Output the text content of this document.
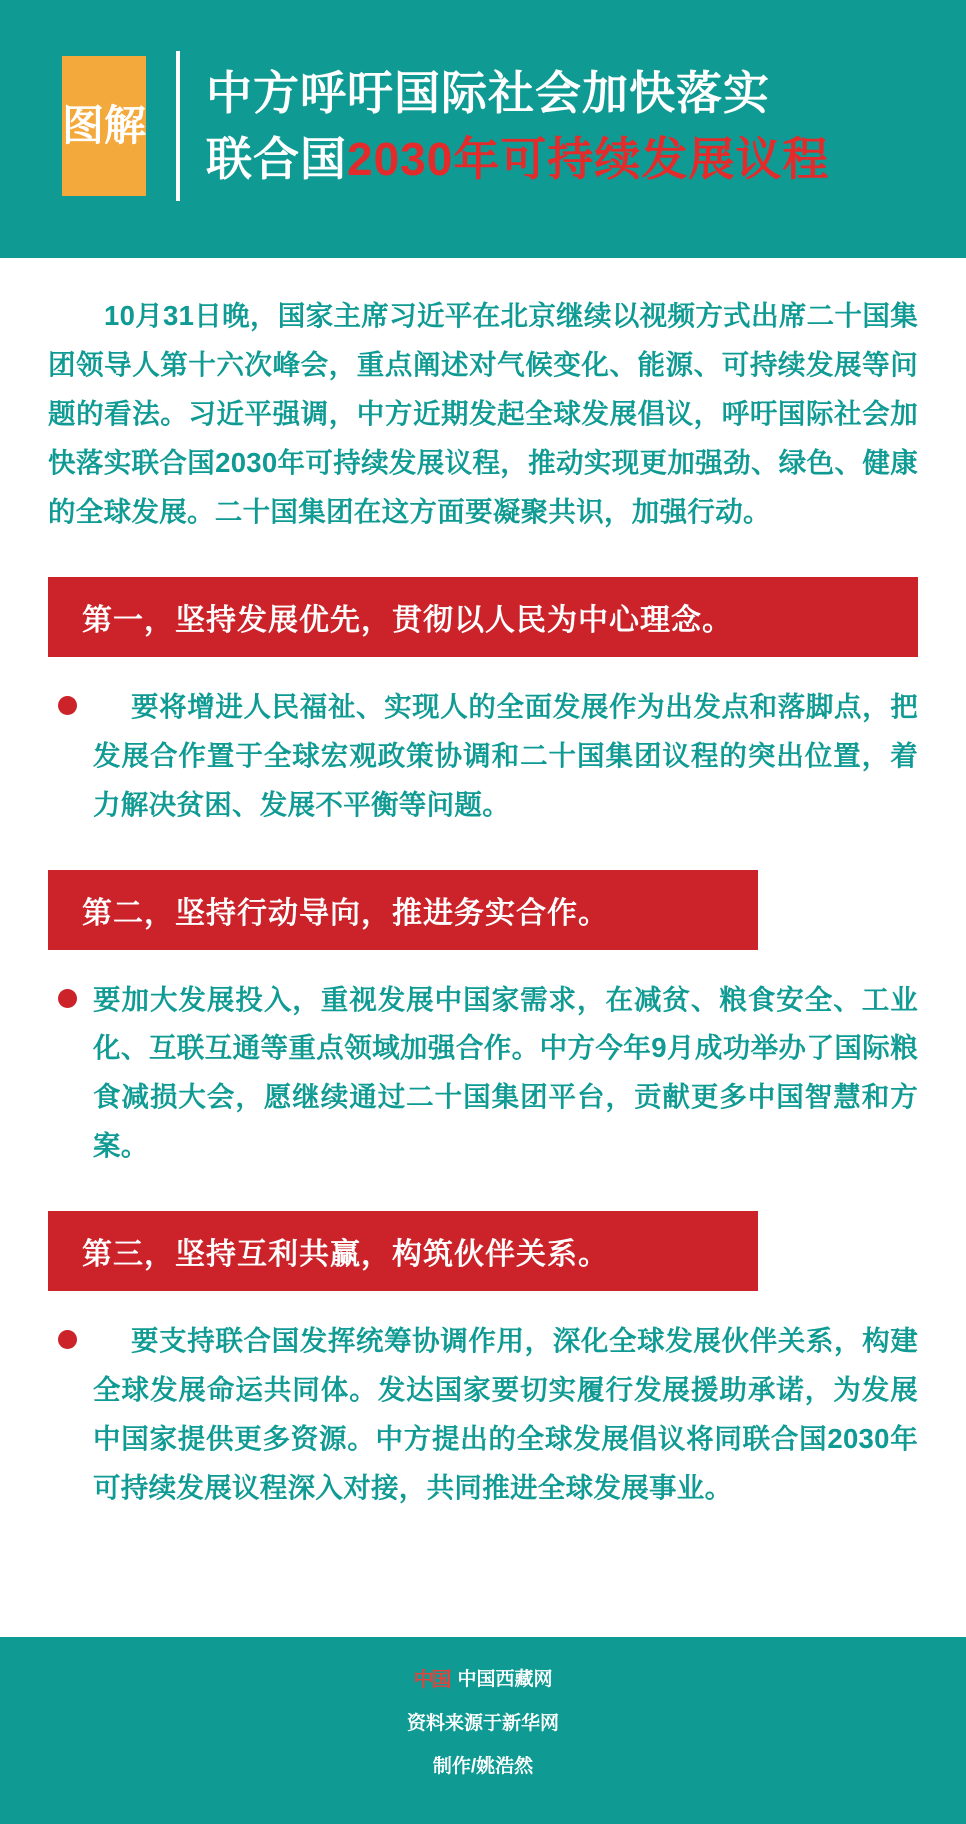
图解
中方呼吁国际社会加快落实
联合国2030年可持续发展议程

10月31日晚，国家主席习近平在北京继续以视频方式出席二十国集团领导人第十六次峰会，重点阐述对气候变化、能源、可持续发展等问题的看法。习近平强调，中方近期发起全球发展倡议，呼吁国际社会加快落实联合国2030年可持续发展议程，推动实现更加强劲、绿色、健康的全球发展。二十国集团在这方面要凝聚共识，加强行动。

第一，坚持发展优先，贯彻以人民为中心理念。
要将增进人民福祉、实现人的全面发展作为出发点和落脚点，把发展合作置于全球宏观政策协调和二十国集团议程的突出位置，着力解决贫困、发展不平衡等问题。
第二，坚持行动导向，推进务实合作。
要加大发展投入，重视发展中国家需求，在减贫、粮食安全、工业化、互联互通等重点领域加强合作。中方今年9月成功举办了国际粮食减损大会，愿继续通过二十国集团平台，贡献更多中国智慧和方案。
第三，坚持互利共赢，构筑伙伴关系。
要支持联合国发挥统筹协调作用，深化全球发展伙伴关系，构建全球发展命运共同体。发达国家要切实履行发展援助承诺，为发展中国家提供更多资源。中方提出的全球发展倡议将同联合国2030年可持续发展议程深入对接，共同推进全球发展事业。
中国 中国西藏网
资料来源于新华网
制作/姚浩然
